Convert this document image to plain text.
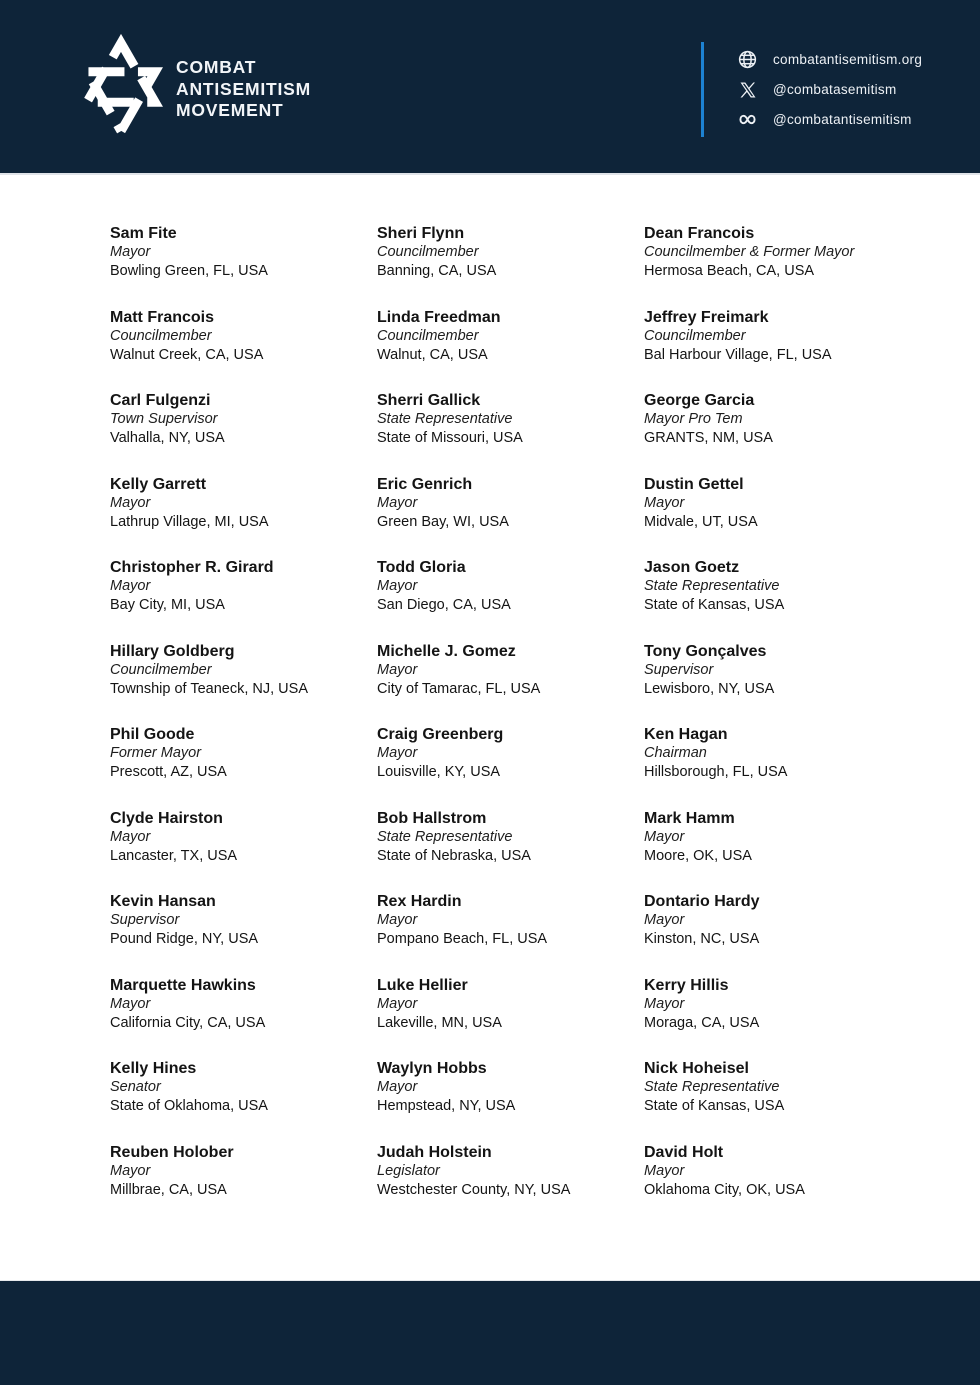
COMBAT
ANTISEMITISM
MOVEMENT
combatantisemitism.org
@combatasemitism
@combatantisemitism
Sam Fite
Mayor
Bowling Green, FL, USA
Sheri Flynn
Councilmember
Banning, CA, USA
Dean Francois
Councilmember & Former Mayor
Hermosa Beach, CA, USA
Matt Francois
Councilmember
Walnut Creek, CA, USA
Linda Freedman
Councilmember
Walnut, CA, USA
Jeffrey Freimark
Councilmember
Bal Harbour Village, FL, USA
Carl Fulgenzi
Town Supervisor
Valhalla, NY, USA
Sherri Gallick
State Representative
State of Missouri, USA
George Garcia
Mayor Pro Tem
GRANTS, NM, USA
Kelly Garrett
Mayor
Lathrup Village, MI, USA
Eric Genrich
Mayor
Green Bay, WI, USA
Dustin Gettel
Mayor
Midvale, UT, USA
Christopher R. Girard
Mayor
Bay City, MI, USA
Todd Gloria
Mayor
San Diego, CA, USA
Jason Goetz
State Representative
State of Kansas, USA
Hillary Goldberg
Councilmember
Township of Teaneck, NJ, USA
Michelle J. Gomez
Mayor
City of Tamarac, FL, USA
Tony Gonçalves
Supervisor
Lewisboro, NY, USA
Phil Goode
Former Mayor
Prescott, AZ, USA
Craig Greenberg
Mayor
Louisville, KY, USA
Ken Hagan
Chairman
Hillsborough, FL, USA
Clyde Hairston
Mayor
Lancaster, TX, USA
Bob Hallstrom
State Representative
State of Nebraska, USA
Mark Hamm
Mayor
Moore, OK, USA
Kevin Hansan
Supervisor
Pound Ridge, NY, USA
Rex Hardin
Mayor
Pompano Beach, FL, USA
Dontario Hardy
Mayor
Kinston, NC, USA
Marquette Hawkins
Mayor
California City, CA, USA
Luke Hellier
Mayor
Lakeville, MN, USA
Kerry Hillis
Mayor
Moraga, CA, USA
Kelly Hines
Senator
State of Oklahoma, USA
Waylyn Hobbs
Mayor
Hempstead, NY, USA
Nick Hoheisel
State Representative
State of Kansas, USA
Reuben Holober
Mayor
Millbrae, CA, USA
Judah Holstein
Legislator
Westchester County, NY, USA
David Holt
Mayor
Oklahoma City, OK, USA
